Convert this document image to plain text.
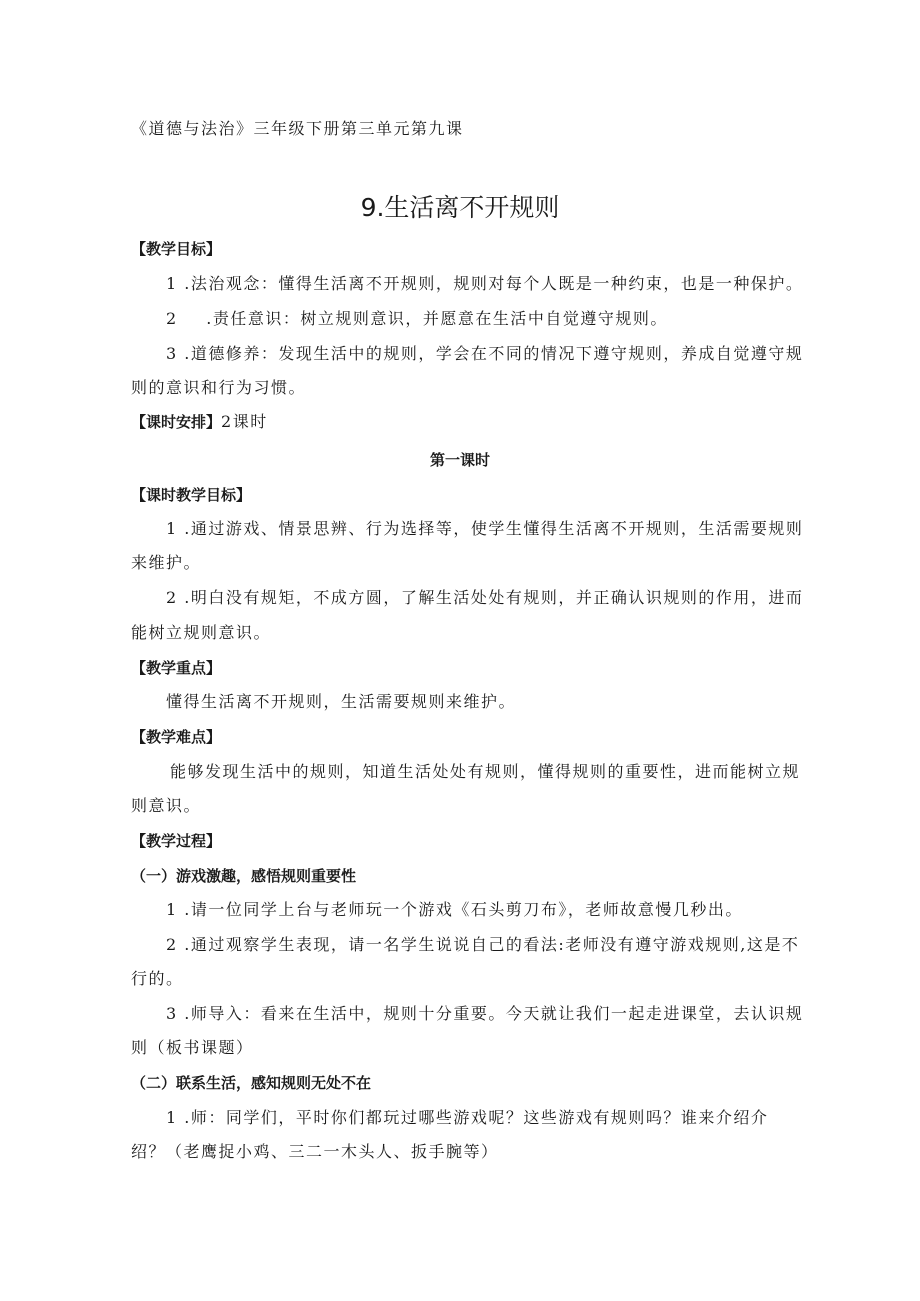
《道德与法治》三年级下册第三单元第九课
9.生活离不开规则
【教学目标】
1 .法治观念：懂得生活离不开规则，规则对每个人既是一种约束，也是一种保护。
2 .责任意识：树立规则意识，并愿意在生活中自觉遵守规则。
3 .道德修养：发现生活中的规则，学会在不同的情况下遵守规则，养成自觉遵守规
则的意识和行为习惯。
【课时安排】2课时
第一课时
【课时教学目标】
1 .通过游戏、情景思辨、行为选择等，使学生懂得生活离不开规则，生活需要规则
来维护。
2 .明白没有规矩，不成方圆，了解生活处处有规则，并正确认识规则的作用，进而
能树立规则意识。
【教学重点】
懂得生活离不开规则，生活需要规则来维护。
【教学难点】
能够发现生活中的规则，知道生活处处有规则，懂得规则的重要性，进而能树立规
则意识。
【教学过程】
（一）游戏激趣，感悟规则重要性
1 .请一位同学上台与老师玩一个游戏《石头剪刀布》，老师故意慢几秒出。
2 .通过观察学生表现，请一名学生说说自己的看法:老师没有遵守游戏规则,这是不
行的。
3 .师导入：看来在生活中，规则十分重要。今天就让我们一起走进课堂，去认识规
则（板书课题）
（二）联系生活，感知规则无处不在
1 .师：同学们，平时你们都玩过哪些游戏呢？这些游戏有规则吗？谁来介绍介
绍？（老鹰捉小鸡、三二一木头人、扳手腕等）
